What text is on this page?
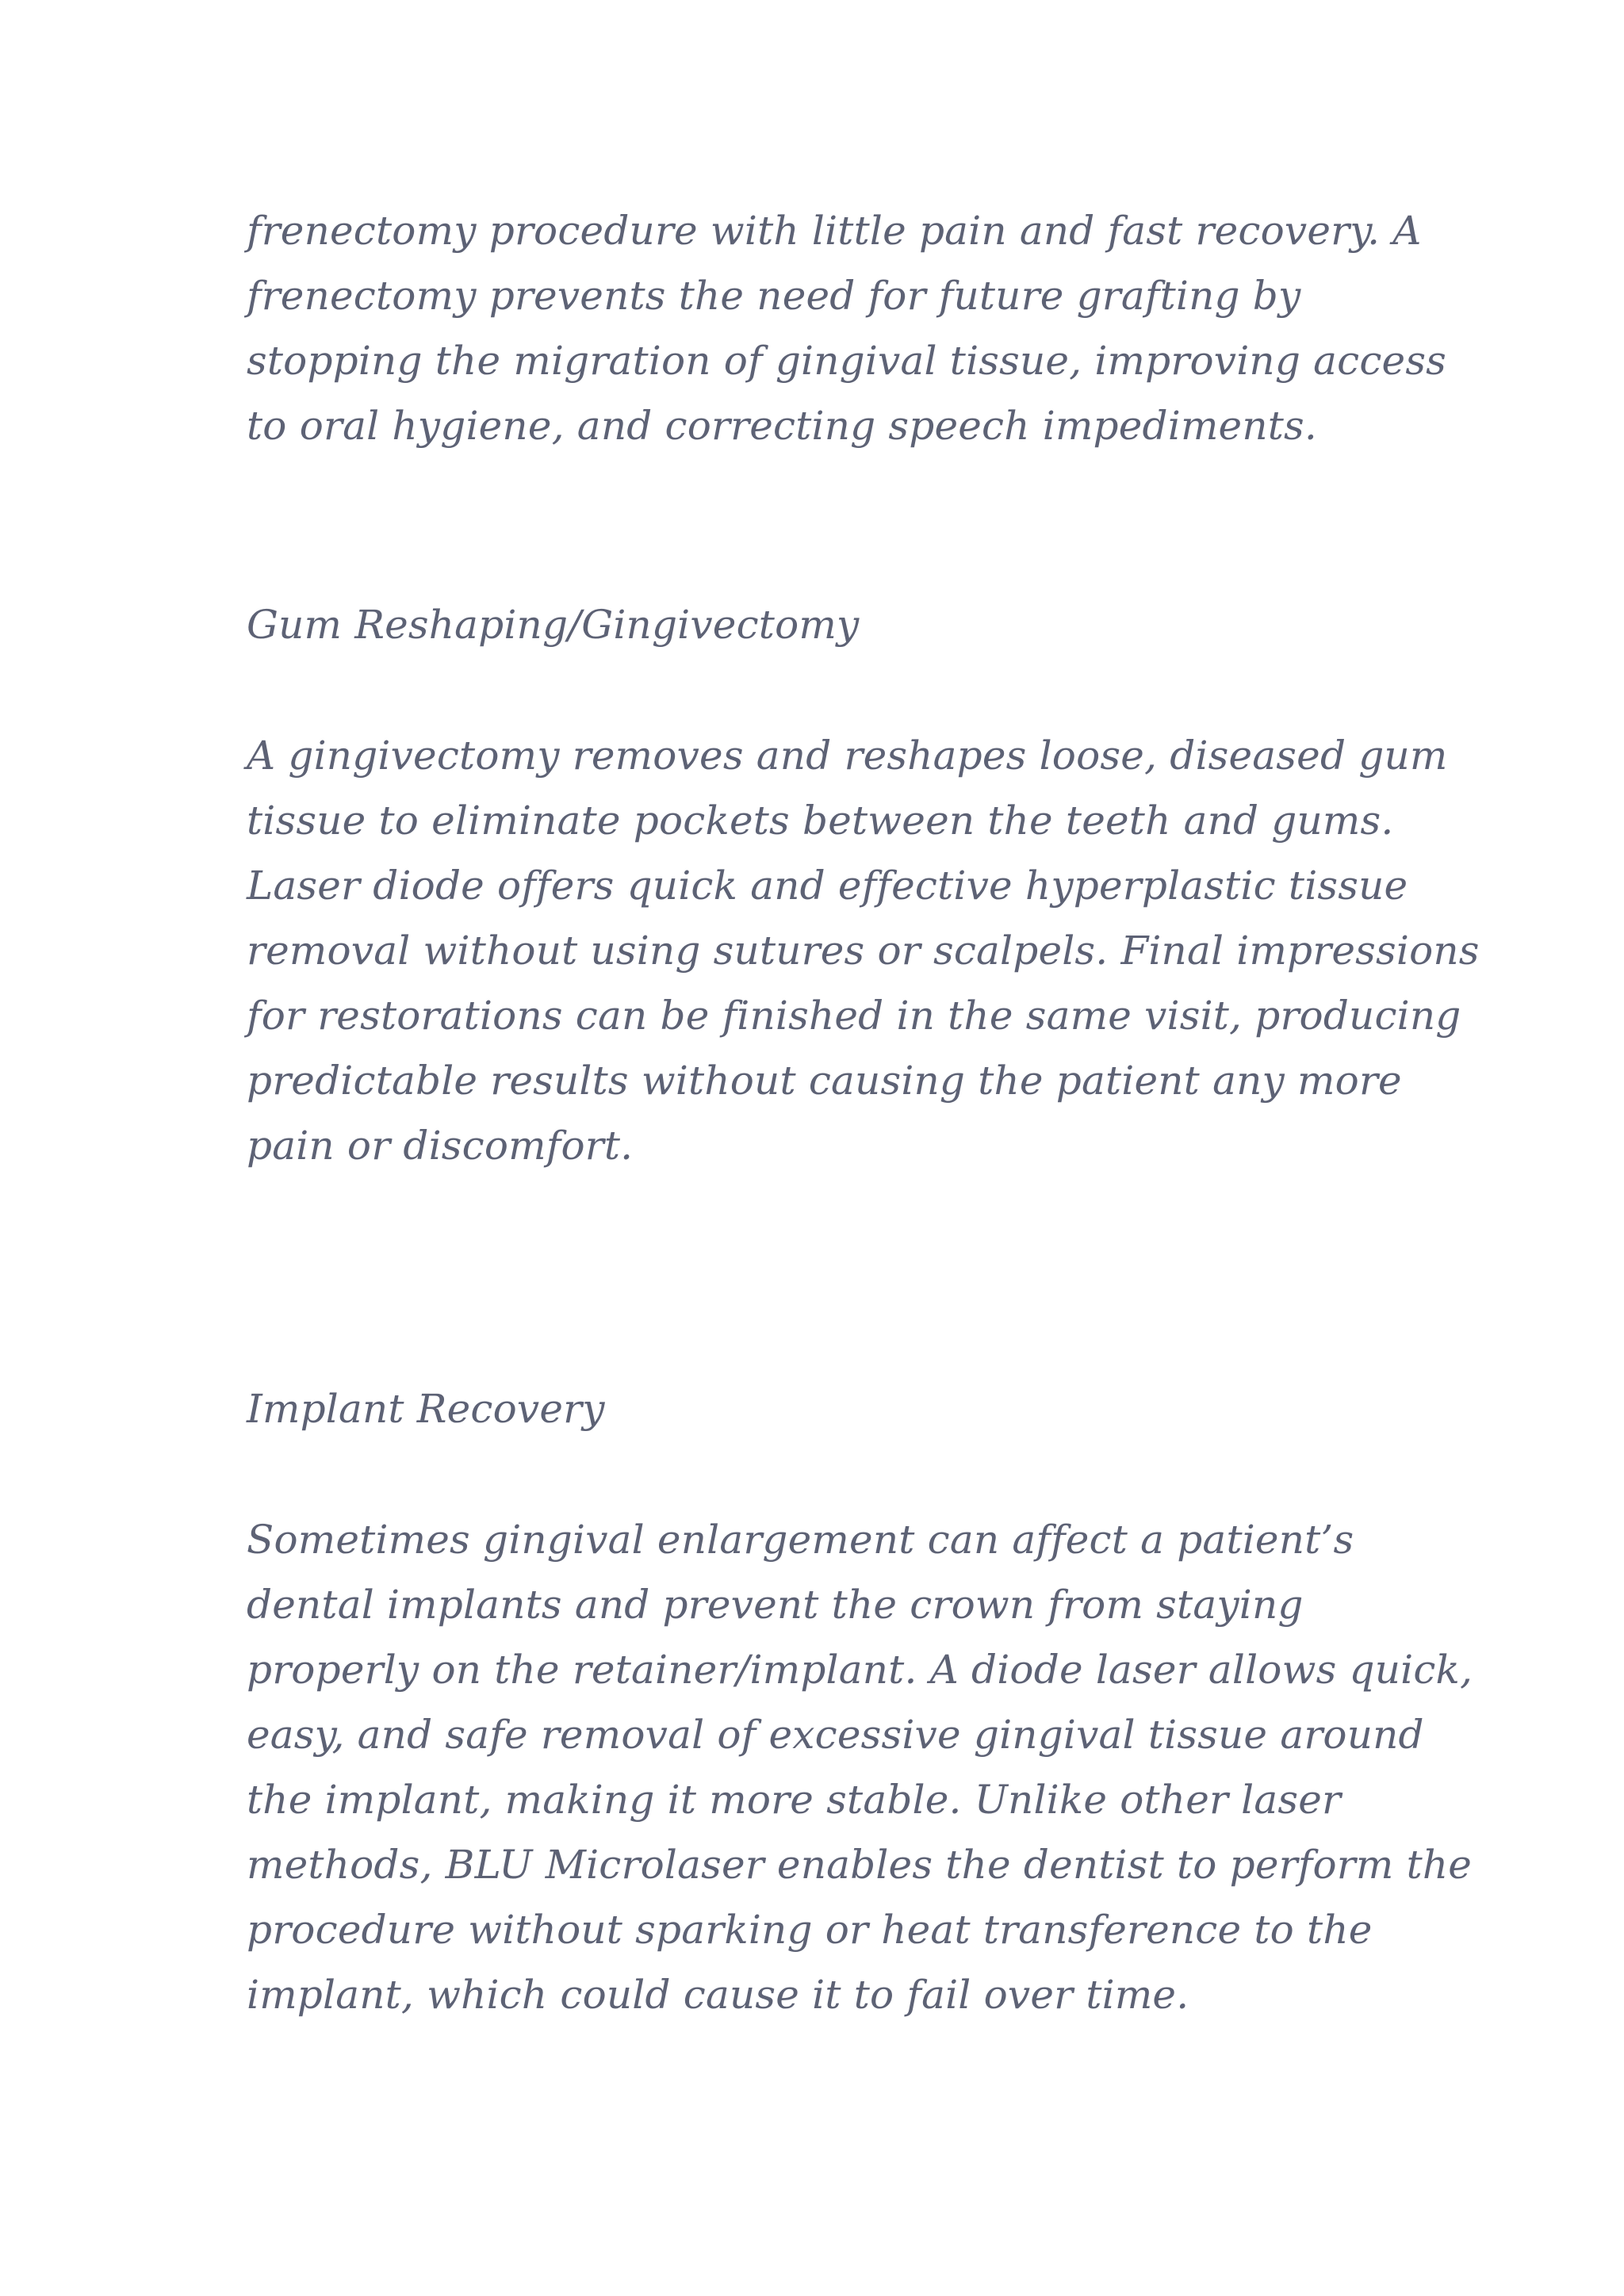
frenectomy procedure with little pain and fast recovery. A
frenectomy prevents the need for future grafting by
stopping the migration of gingival tissue, improving access
to oral hygiene, and correcting speech impediments.
Gum Reshaping/Gingivectomy
A gingivectomy removes and reshapes loose, diseased gum
tissue to eliminate pockets between the teeth and gums.
Laser diode offers quick and effective hyperplastic tissue
removal without using sutures or scalpels. Final impressions
for restorations can be finished in the same visit, producing
predictable results without causing the patient any more
pain or discomfort.
Implant Recovery
Sometimes gingival enlargement can affect a patient’s
dental implants and prevent the crown from staying
properly on the retainer/implant. A diode laser allows quick,
easy, and safe removal of excessive gingival tissue around
the implant, making it more stable. Unlike other laser
methods, BLU Microlaser enables the dentist to perform the
procedure without sparking or heat transference to the
implant, which could cause it to fail over time.
